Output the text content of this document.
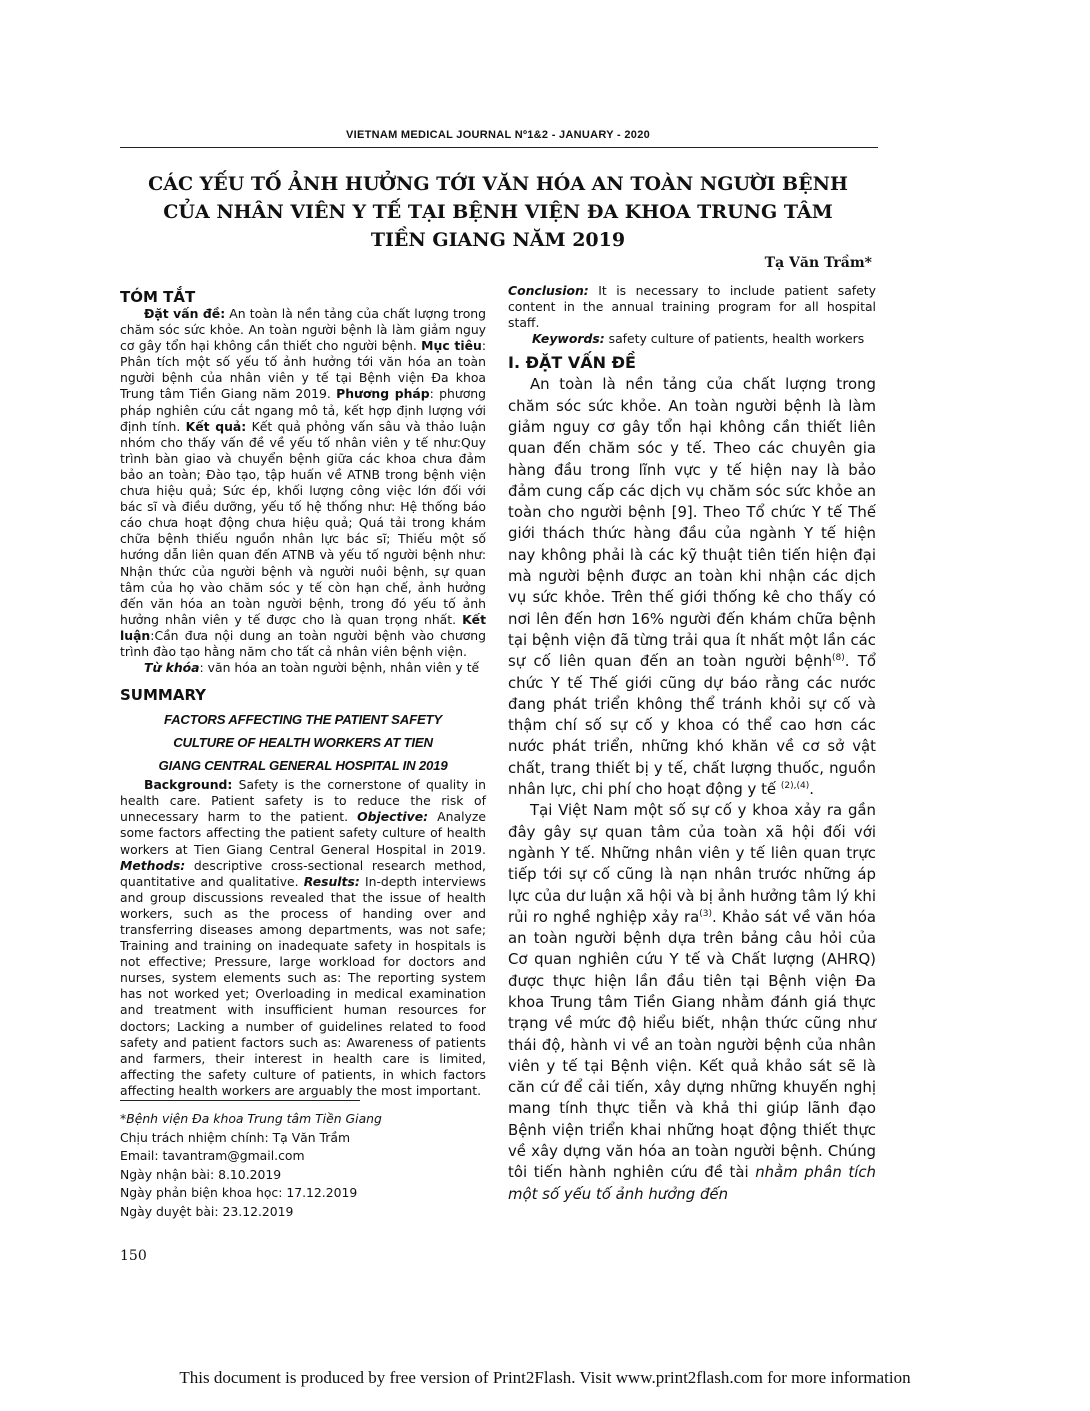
VIETNAM MEDICAL JOURNAL Nº1&2 - JANUARY - 2020
CÁC YẾU TỐ ẢNH HƯỞNG TỚI VĂN HÓA AN TOÀN NGƯỜI BỆNH
CỦA NHÂN VIÊN Y TẾ TẠI BỆNH VIỆN ĐA KHOA TRUNG TÂM
TIỀN GIANG NĂM 2019
Tạ Văn Trầm*
TÓM TẮT

Đặt vấn đề: An toàn là nền tảng của chất lượng trong chăm sóc sức khỏe. An toàn người bệnh là làm giảm nguy cơ gây tổn hại không cần thiết cho người bệnh. Mục tiêu: Phân tích một số yếu tố ảnh hưởng tới văn hóa an toàn người bệnh của nhân viên y tế tại Bệnh viện Đa khoa Trung tâm Tiền Giang năm 2019. Phương pháp: phương pháp nghiên cứu cắt ngang mô tả, kết hợp định lượng với định tính. Kết quả: Kết quả phỏng vấn sâu và thảo luận nhóm cho thấy vấn đề về yếu tố nhân viên y tế như:Quy trình bàn giao và chuyển bệnh giữa các khoa chưa đảm bảo an toàn; Đào tạo, tập huấn về ATNB trong bệnh viện chưa hiệu quả; Sức ép, khối lượng công việc lớn đối với bác sĩ và điều dưỡng, yếu tố hệ thống như: Hệ thống báo cáo chưa hoạt động chưa hiệu quả; Quá tải trong khám chữa bệnh thiếu nguồn nhân lực bác sĩ; Thiếu một số hướng dẫn liên quan đến ATNB và yếu tố người bệnh như: Nhận thức của người bệnh và người nuôi bệnh, sự quan tâm của họ vào chăm sóc y tế còn hạn chế, ảnh hưởng đến văn hóa an toàn người bệnh, trong đó yếu tố ảnh hưởng nhân viên y tế được cho là quan trọng nhất. Kết luận:Cần đưa nội dung an toàn người bệnh vào chương trình đào tạo hằng năm cho tất cả nhân viên bệnh viện.

Từ khóa: văn hóa an toàn người bệnh, nhân viên y tế

SUMMARY
FACTORS AFFECTING THE PATIENT SAFETY
CULTURE OF HEALTH WORKERS AT TIEN
GIANG CENTRAL GENERAL HOSPITAL IN 2019

Background: Safety is the cornerstone of quality in health care. Patient safety is to reduce the risk of unnecessary harm to the patient. Objective: Analyze some factors affecting the patient safety culture of health workers at Tien Giang Central General Hospital in 2019. Methods: descriptive cross-sectional research method, quantitative and qualitative. Results: In-depth interviews and group discussions revealed that the issue of health workers, such as the process of handing over and transferring diseases among departments, was not safe; Training and training on inadequate safety in hospitals is not effective; Pressure, large workload for doctors and nurses, system elements such as: The reporting system has not worked yet; Overloading in medical examination and treatment with insufficient human resources for doctors; Lacking a number of guidelines related to food safety and patient factors such as: Awareness of patients and farmers, their interest in health care is limited, affecting the safety culture of patients, in which factors affecting health workers are arguably the most important.

Conclusion: It is necessary to include patient safety content in the annual training program for all hospital staff.

Keywords: safety culture of patients, health workers

I. ĐẶT VẤN ĐỀ

An toàn là nền tảng của chất lượng trong chăm sóc sức khỏe. An toàn người bệnh là làm giảm nguy cơ gây tổn hại không cần thiết liên quan đến chăm sóc y tế. Theo các chuyên gia hàng đầu trong lĩnh vực y tế hiện nay là bảo đảm cung cấp các dịch vụ chăm sóc sức khỏe an toàn cho người bệnh [9]. Theo Tổ chức Y tế Thế giới thách thức hàng đầu của ngành Y tế hiện nay không phải là các kỹ thuật tiên tiến hiện đại mà người bệnh được an toàn khi nhận các dịch vụ sức khỏe. Trên thế giới thống kê cho thấy có nơi lên đến hơn 16% người đến khám chữa bệnh tại bệnh viện đã từng trải qua ít nhất một lần các sự cố liên quan đến an toàn người bệnh$^{(8)}$. Tổ chức Y tế Thế giới cũng dự báo rằng các nước đang phát triển không thể tránh khỏi sự cố và thậm chí số sự cố y khoa có thể cao hơn các nước phát triển, những khó khăn về cơ sở vật chất, trang thiết bị y tế, chất lượng thuốc, nguồn nhân lực, chi phí cho hoạt động y tế $^{(2),(4)}$.

Tại Việt Nam một số sự cố y khoa xảy ra gần đây gây sự quan tâm của toàn xã hội đối với ngành Y tế. Những nhân viên y tế liên quan trực tiếp tới sự cố cũng là nạn nhân trước những áp lực của dư luận xã hội và bị ảnh hưởng tâm lý khi rủi ro nghề nghiệp xảy $ra^{(3)}$. Khảo sát về văn hóa an toàn người bệnh dựa trên bảng câu hỏi của Cơ quan nghiên cứu Y tế và Chất lượng (AHRQ) được thực hiện lần đầu tiên tại Bệnh viện Đa khoa Trung tâm Tiền Giang nhằm đánh giá thực trạng về mức độ hiểu biết, nhận thức cũng như thái độ, hành vi về an toàn người bệnh của nhân viên y tế tại Bệnh viện. Kết quả khảo sát sẽ là căn cứ để cải tiến, xây dựng những khuyến nghị mang tính thực tiễn và khả thi giúp lãnh đạo Bệnh viện triển khai những hoạt động thiết thực về xây dựng văn hóa an toàn người bệnh. Chúng tôi tiến hành nghiên cứu đề tài nhằm phân tích một số yếu tố ảnh hưởng đến

*Bệnh viện Đa khoa Trung tâm Tiền Giang
Chịu trách nhiệm chính: Tạ Văn Trầm
Email: tavantram@gmail.com
Ngày nhận bài: 8.10.2019
Ngày phản biện khoa học: 17.12.2019
Ngày duyệt bài: 23.12.2019
150
This document is produced by free version of Print2Flash. Visit www.print2flash.com for more information
